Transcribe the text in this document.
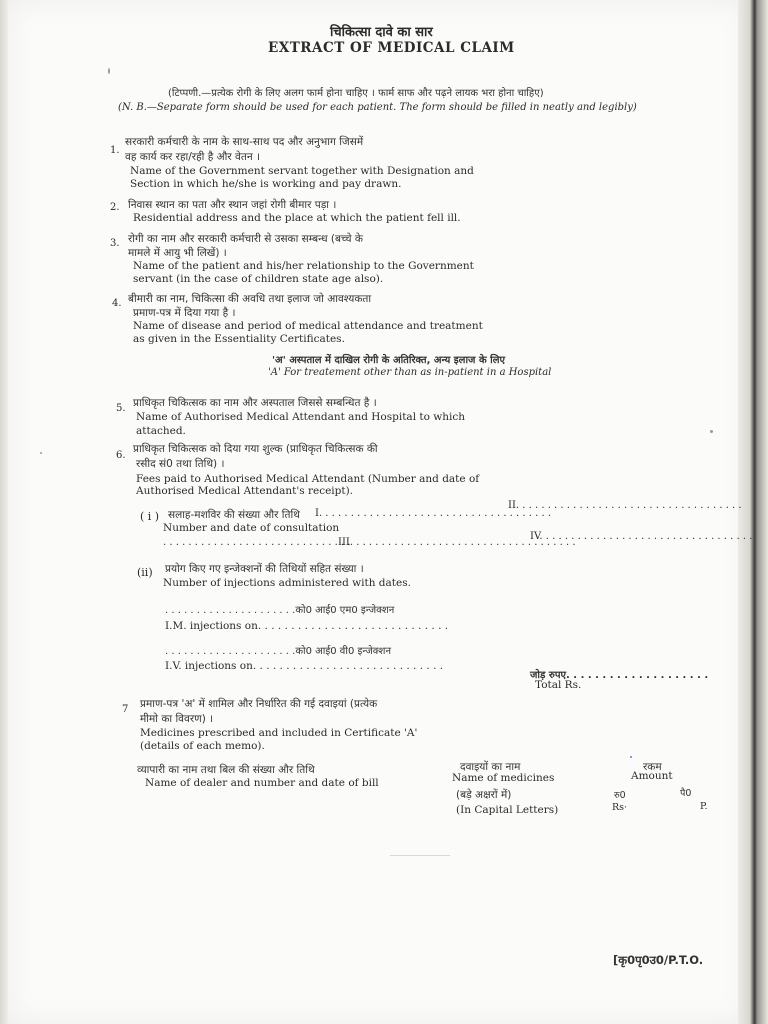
चिकित्सा दावे का सार
EXTRACT OF MEDICAL CLAIM
(टिप्पणी.—प्रत्येक रोगी के लिए अलग फार्म होना चाहिए । फार्म साफ और पढ़ने लायक भरा होना चाहिए)
(N. B.—Separate form should be used for each patient. The form should be filled in neatly and legibly)
1.
सरकारी कर्मचारी के नाम के साथ-साथ पद और अनुभाग जिसमें
वह कार्य कर रहा/रही है और वेतन ।
Name of the Government servant together with Designation and
Section in which he/she is working and pay drawn.
2. निवास स्थान का पता और स्थान जहां रोगी बीमार पड़ा ।
Residential address and the place at which the patient fell ill.
3. रोगी का नाम और सरकारी कर्मचारी से उसका सम्बन्ध (बच्चे के
मामले में आयु भी लिखें) ।
Name of the patient and his/her relationship to the Government
servant (in the case of children state age also).
4. बीमारी का नाम, चिकित्सा की अवधि तथा इलाज जो आवश्यकता
प्रमाण-पत्र में दिया गया है ।
Name of disease and period of medical attendance and treatment
as given in the Essentiality Certificates.
'अ' अस्पताल में दाखिल रोगी के अतिरिक्त, अन्य इलाज के लिए
'A' For treatement other than as in-patient in a Hospital
5. प्राधिकृत चिकित्सक का नाम और अस्पताल जिससे सम्बन्धित है ।
Name of Authorised Medical Attendant and Hospital to which
attached.
6.
प्राधिकृत चिकित्सक को दिया गया शुल्क (प्राधिकृत चिकित्सक की
रसीद सं0 तथा तिथि) ।
Fees paid to Authorised Medical Attendant (Number and date of
Authorised Medical Attendant's receipt).
( i ) सलाह-मशविर की संख्या और तिथि I. . . . . . . . . . . . . . . . . . . . . . . . . . . . . . . . . . . . .
II. . . . . . . . . . . . . . . . . . . . . . . . . . . . . . . . . . . .
Number and date of consultation
. . . . . . . . . . . . . . . . . . . . . . . . . . . . . .
III. . . . . . . . . . . . . . . . . . . . . . . . . . . . . . . . . . . .
IV. . . . . . . . . . . . . . . . . . . . . . . . . . . . . . . . . .
(ii) प्रयोग किए गए इन्जेक्शनों की तिथियों सहित संख्या ।
Number of injections administered with dates.
. . . . . . . . . . . . . . . . . . . . .को0 आई0 एम0 इन्जेक्शन
I.M. injections on. . . . . . . . . . . . . . . . . . . . . . . . . . . . .
. . . . . . . . . . . . . . . . . . . . .को0 आई0 वी0 इन्जेक्शन
I.V. injections on. . . . . . . . . . . . . . . . . . . . . . . . . . . . .
जोड़ रुपए. . . . . . . . . . . . . . . . . . . .
Total Rs.
7 प्रमाण-पत्र 'अ' में शामिल और निर्धारित की गई दवाइयां (प्रत्येक
मीमो का विवरण) ।
Medicines prescribed and included in Certificate 'A'
(details of each memo).
व्यापारी का नाम तथा बिल की संख्या और तिथि
Name of dealer and number and date of bill
दवाइयों का नाम
Name of medicines
(बड़े अक्षरों में)
(In Capital Letters)
रकम
Amount
रु0	पै0
Rs·	P.
[कृ0पृ0उ0/P.T.O.
